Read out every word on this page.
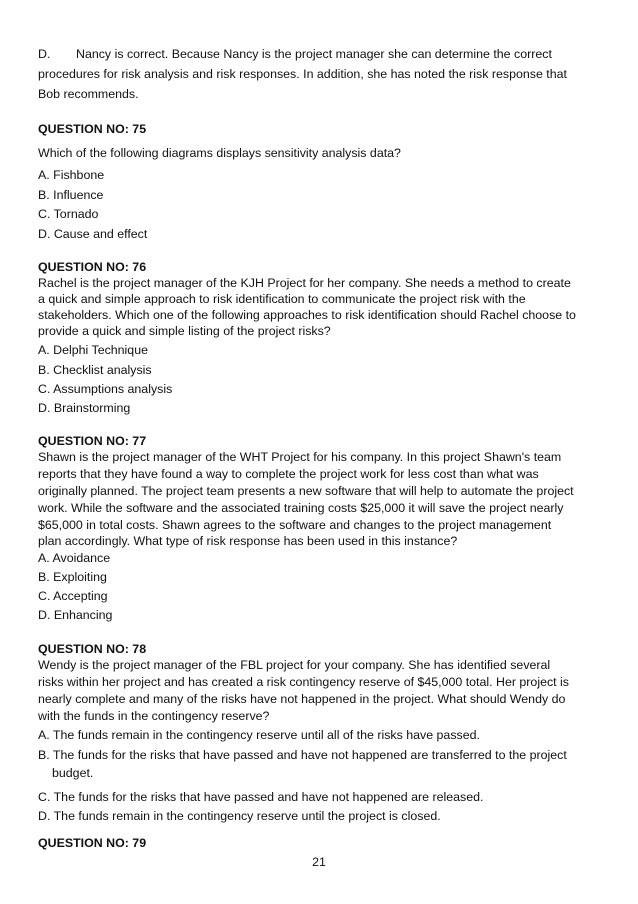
D. Nancy is correct. Because Nancy is the project manager she can determine the correct

procedures for risk analysis and risk responses. In addition, she has noted the risk response that

Bob recommends.

QUESTION NO: 75

Which of the following diagrams displays sensitivity analysis data?

A. Fishbone

B. Influence

C. Tornado

D. Cause and effect

QUESTION NO: 76

Rachel is the project manager of the KJH Project for her company. She needs a method to create

a quick and simple approach to risk identification to communicate the project risk with the

stakeholders. Which one of the following approaches to risk identification should Rachel choose to

provide a quick and simple listing of the project risks?

A. Delphi Technique

B. Checklist analysis

C. Assumptions analysis

D. Brainstorming

QUESTION NO: 77

Shawn is the project manager of the WHT Project for his company. In this project Shawn's team

reports that they have found a way to complete the project work for less cost than what was

originally planned. The project team presents a new software that will help to automate the project

work. While the software and the associated training costs $25,000 it will save the project nearly

$65,000 in total costs. Shawn agrees to the software and changes to the project management

plan accordingly. What type of risk response has been used in this instance?

A. Avoidance

B. Exploiting

C. Accepting

D. Enhancing

QUESTION NO: 78

Wendy is the project manager of the FBL project for your company. She has identified several

risks within her project and has created a risk contingency reserve of $45,000 total. Her project is

nearly complete and many of the risks have not happened in the project. What should Wendy do

with the funds in the contingency reserve?

A. The funds remain in the contingency reserve until all of the risks have passed.

B. The funds for the risks that have passed and have not happened are transferred to the project

budget.

C. The funds for the risks that have passed and have not happened are released.

D. The funds remain in the contingency reserve until the project is closed.

QUESTION NO: 79

21
